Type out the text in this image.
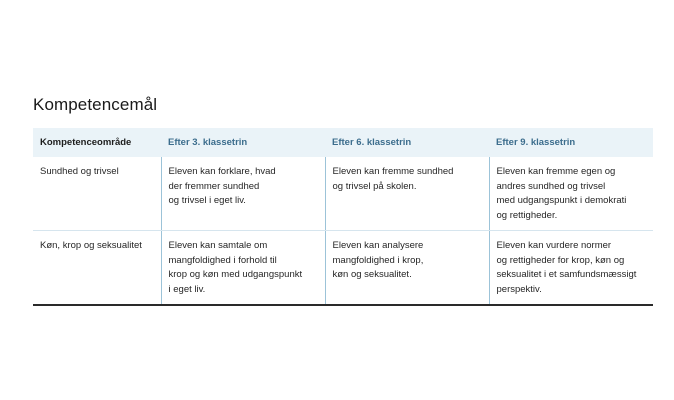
Kompetencemål
Kompetenceområde	Efter 3. klassetrin	Efter 6. klassetrin	Efter 9. klassetrin
Sundhed og trivsel	Eleven kan forklare, hvad
der fremmer sundhed
og trivsel i eget liv.	Eleven kan fremme sundhed
og trivsel på skolen.	Eleven kan fremme egen og
andres sundhed og trivsel
med udgangspunkt i demokrati
og rettigheder.

Køn, krop og seksualitet	Eleven kan samtale om
mangfoldighed i forhold til
krop og køn med udgangspunkt
i eget liv.	Eleven kan analysere
mangfoldighed i krop,
køn og seksualitet.	Eleven kan vurdere normer
og rettigheder for krop, køn og
seksualitet i et samfundsmæssigt
perspektiv.
